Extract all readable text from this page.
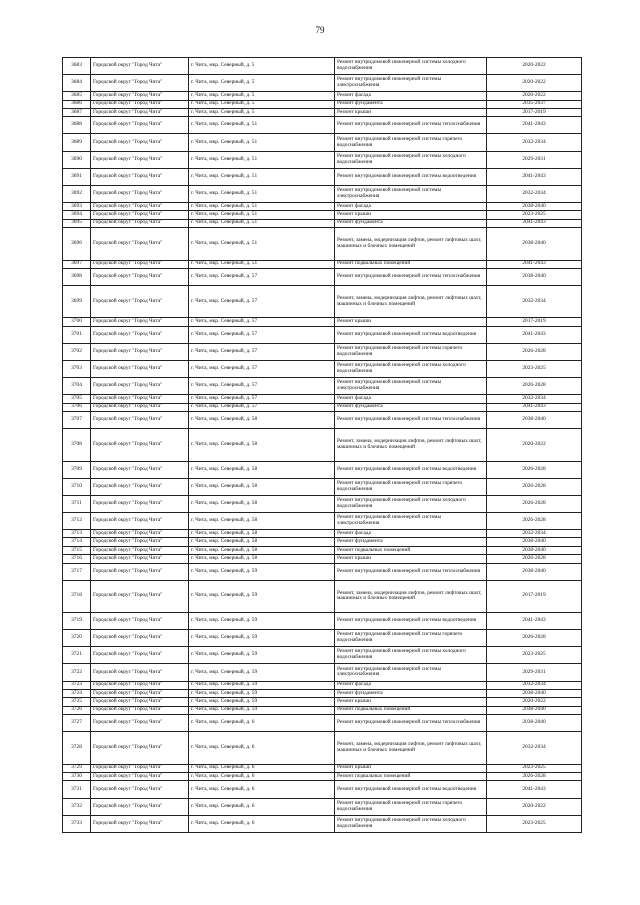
79
3683	Городской округ "Город Чита"	г. Чита, мкр. Северный, д. 5	Ремонт внутридомовой инженерной системы холодного водоснабжения	2020-2022
3684	Городской округ "Город Чита"	г. Чита, мкр. Северный, д. 5	Ремонт внутридомовой инженерной системы электроснабжения	2020-2022
3685	Городской округ "Город Чита"	г. Чита, мкр. Северный, д. 5	Ремонт фасада	2020-2022
3686	Городской округ "Город Чита"	г. Чита, мкр. Северный, д. 5	Ремонт фундамента	2035-2037
3687	Городской округ "Город Чита"	г. Чита, мкр. Северный, д. 5	Ремонт крыши	2017-2019
3688	Городской округ "Город Чита"	г. Чита, мкр. Северный, д. 51	Ремонт внутридомовой инженерной системы теплоснабжения	2041-2043
3689	Городской округ "Город Чита"	г. Чита, мкр. Северный, д. 51	Ремонт внутридомовой инженерной системы горячего водоснабжения	2032-2034
3690	Городской округ "Город Чита"	г. Чита, мкр. Северный, д. 51	Ремонт внутридомовой инженерной системы холодного водоснабжения	2029-2031
3691	Городской округ "Город Чита"	г. Чита, мкр. Северный, д. 51	Ремонт внутридомовой инженерной системы водоотведения	2041-2043
3692	Городской округ "Город Чита"	г. Чита, мкр. Северный, д. 51	Ремонт внутридомовой инженерной системы электроснабжения	2032-2034
3693	Городской округ "Город Чита"	г. Чита, мкр. Северный, д. 51	Ремонт фасада	2038-2040
3694	Городской округ "Город Чита"	г. Чита, мкр. Северный, д. 51	Ремонт крыши	2023-2025
3695	Городской округ "Город Чита"	г. Чита, мкр. Северный, д. 51	Ремонт фундамента	2041-2043
3696	Городской округ "Город Чита"	г. Чита, мкр. Северный, д. 51	Ремонт, замена, модернизация лифтов, ремонт лифтовых шахт, машинных и блочных помещений	2038-2040
3697	Городской округ "Город Чита"	г. Чита, мкр. Северный, д. 51	Ремонт подвальных помещений	2041-2043
3698	Городской округ "Город Чита"	г. Чита, мкр. Северный, д. 57	Ремонт внутридомовой инженерной системы теплоснабжения	2038-2040
3699	Городской округ "Город Чита"	г. Чита, мкр. Северный, д. 57	Ремонт, замена, модернизация лифтов, ремонт лифтовых шахт, машинных и блочных помещений	2032-2034
3700	Городской округ "Город Чита"	г. Чита, мкр. Северный, д. 57	Ремонт крыши	2017-2019
3701	Городской округ "Город Чита"	г. Чита, мкр. Северный, д. 57	Ремонт внутридомовой инженерной системы водоотведения	2041-2043
3702	Городской округ "Город Чита"	г. Чита, мкр. Северный, д. 57	Ремонт внутридомовой инженерной системы горячего водоснабжения	2026-2028
3703	Городской округ "Город Чита"	г. Чита, мкр. Северный, д. 57	Ремонт внутридомовой инженерной системы холодного водоснабжения	2023-2025
3704	Городской округ "Город Чита"	г. Чита, мкр. Северный, д. 57	Ремонт внутридомовой инженерной системы электроснабжения	2026-2028
3705	Городской округ "Город Чита"	г. Чита, мкр. Северный, д. 57	Ремонт фасада	2032-2034
3706	Городской округ "Город Чита"	г. Чита, мкр. Северный, д. 57	Ремонт фундамента	2041-2043
3707	Городской округ "Город Чита"	г. Чита, мкр. Северный, д. 58	Ремонт внутридомовой инженерной системы теплоснабжения	2038-2040
3708	Городской округ "Город Чита"	г. Чита, мкр. Северный, д. 58	Ремонт, замена, модернизация лифтов, ремонт лифтовых шахт, машинных и блочных помещений	2020-2022
3709	Городской округ "Город Чита"	г. Чита, мкр. Северный, д. 58	Ремонт внутридомовой инженерной системы водоотведения	2026-2028
3710	Городской округ "Город Чита"	г. Чита, мкр. Северный, д. 58	Ремонт внутридомовой инженерной системы горячего водоснабжения	2026-2028
3711	Городской округ "Город Чита"	г. Чита, мкр. Северный, д. 58	Ремонт внутридомовой инженерной системы холодного водоснабжения	2026-2028
3712	Городской округ "Город Чита"	г. Чита, мкр. Северный, д. 58	Ремонт внутридомовой инженерной системы электроснабжения	2026-2028
3713	Городской округ "Город Чита"	г. Чита, мкр. Северный, д. 58	Ремонт фасада	2032-2034
3714	Городской округ "Город Чита"	г. Чита, мкр. Северный, д. 58	Ремонт фундамента	2038-2040
3715	Городской округ "Город Чита"	г. Чита, мкр. Северный, д. 58	Ремонт подвальных помещений	2038-2040
3716	Городской округ "Город Чита"	г. Чита, мкр. Северный, д. 58	Ремонт крыши	2026-2028
3717	Городской округ "Город Чита"	г. Чита, мкр. Северный, д. 59	Ремонт внутридомовой инженерной системы теплоснабжения	2038-2040
3718	Городской округ "Город Чита"	г. Чита, мкр. Северный, д. 59	Ремонт, замена, модернизация лифтов, ремонт лифтовых шахт, машинных и блочных помещений	2017-2019
3719	Городской округ "Город Чита"	г. Чита, мкр. Северный, д. 59	Ремонт внутридомовой инженерной системы водоотведения	2041-2043
3720	Городской округ "Город Чита"	г. Чита, мкр. Северный, д. 59	Ремонт внутридомовой инженерной системы горячего водоснабжения	2026-2028
3721	Городской округ "Город Чита"	г. Чита, мкр. Северный, д. 59	Ремонт внутридомовой инженерной системы холодного водоснабжения	2023-2025
3722	Городской округ "Город Чита"	г. Чита, мкр. Северный, д. 59	Ремонт внутридомовой инженерной системы электроснабжения	2029-2031
3723	Городской округ "Город Чита"	г. Чита, мкр. Северный, д. 59	Ремонт фасада	2032-2034
3724	Городской округ "Город Чита"	г. Чита, мкр. Северный, д. 59	Ремонт фундамента	2038-2040
3725	Городской округ "Город Чита"	г. Чита, мкр. Северный, д. 59	Ремонт крыши	2020-2022
3726	Городской округ "Город Чита"	г. Чита, мкр. Северный, д. 59	Ремонт подвальных помещений	2038-2040
3727	Городской округ "Город Чита"	г. Чита, мкр. Северный, д. 6	Ремонт внутридомовой инженерной системы теплоснабжения	2038-2040
3728	Городской округ "Город Чита"	г. Чита, мкр. Северный, д. 6	Ремонт, замена, модернизация лифтов, ремонт лифтовых шахт, машинных и блочных помещений	2032-2034
3729	Городской округ "Город Чита"	г. Чита, мкр. Северный, д. 6	Ремонт крыши	2023-2025
3730	Городской округ "Город Чита"	г. Чита, мкр. Северный, д. 6	Ремонт подвальных помещений	2026-2028
3731	Городской округ "Город Чита"	г. Чита, мкр. Северный, д. 6	Ремонт внутридомовой инженерной системы водоотведения	2041-2043
3732	Городской округ "Город Чита"	г. Чита, мкр. Северный, д. 6	Ремонт внутридомовой инженерной системы горячего водоснабжения	2020-2022
3733	Городской округ "Город Чита"	г. Чита, мкр. Северный, д. 6	Ремонт внутридомовой инженерной системы холодного водоснабжения	2023-2025
